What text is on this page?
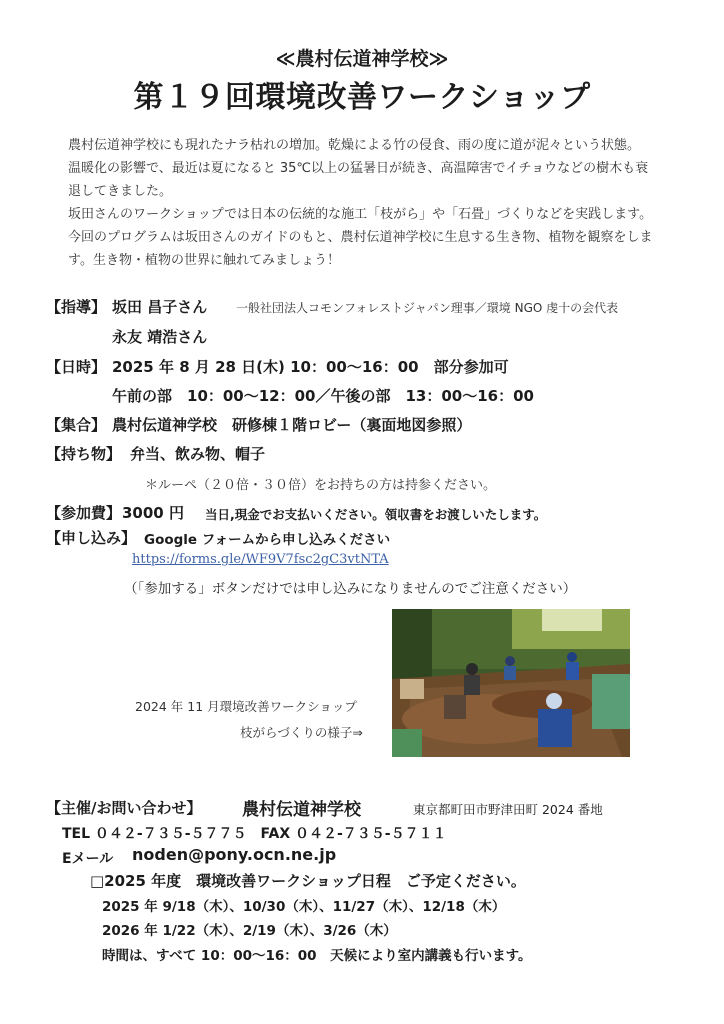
≪農村伝道神学校≫
第１９回環境改善ワークショップ
農村伝道神学校にも現れたナラ枯れの増加。乾燥による竹の侵食、雨の度に道が泥々という状態。
温暖化の影響で、最近は夏になると 35℃以上の猛暑日が続き、高温障害でイチョウなどの樹木も衰
退してきました。
坂田さんのワークショップでは日本の伝統的な施工「枝がら」や「石畳」づくりなどを実践します。
今回のプログラムは坂田さんのガイドのもと、農村伝道神学校に生息する生き物、植物を観察をしま
す。生き物・植物の世界に触れてみましょう！
【指導】 坂田 昌子さん 一般社団法人コモンフォレストジャパン理事／環境 NGO 虔十の会代表
永友 靖浩さん
【日時】 2025 年 8 月 28 日(木) 10：00～16：00　部分参加可
午前の部　10：00～12：00／午後の部　13：00～16：00
【集合】 農村伝道神学校　研修棟１階ロビー（裏面地図参照）
【持ち物】 弁当、飲み物、帽子
＊ルーペ（２０倍・３０倍）をお持ちの方は持参ください。
【参加費】 3000 円 当日,現金でお支払いください。領収書をお渡しいたします。
【申し込み】 Google フォームから申し込みください
https://forms.gle/WF9V7fsc2gC3vtNTA
（「参加する」ボタンだけでは申し込みになりませんのでご注意ください）
2024 年 11 月環境改善ワークショップ
枝がらづくりの様子⇒
【主催/お問い合わせ】 農村伝道神学校	東京都町田市野津田町 2024 番地
TEL ０４２-７３５-５７７５　FAX ０４２-７３５-５７１１
Eメール noden@pony.ocn.ne.jp
□2025 年度　環境改善ワークショップ日程　ご予定ください。
2025 年 9/18（木）、10/30（木）、11/27（木）、12/18（木）
2026 年 1/22（木）、2/19（木）、3/26（木）
時間は、すべて 10：00～16：00　天候により室内講義も行います。
